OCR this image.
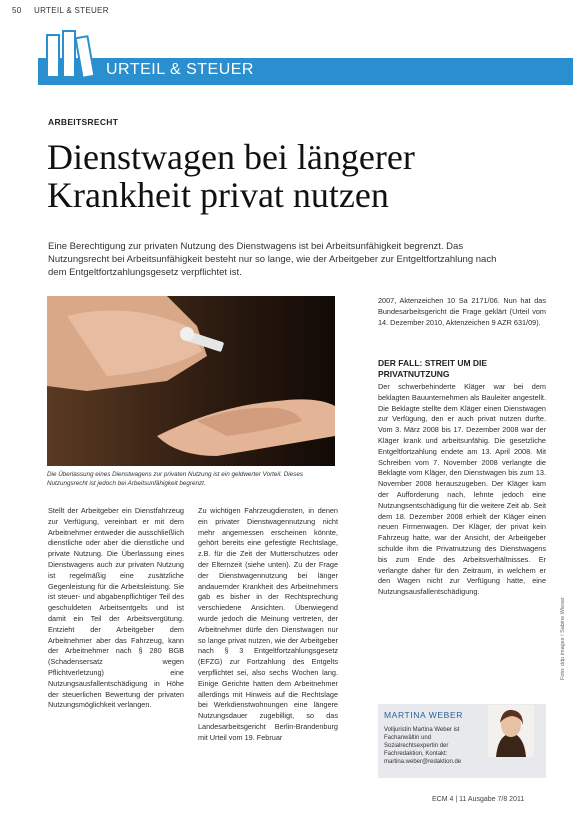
50 URTEIL & STEUER
URTEIL & STEUER
ARBEITSRECHT
Dienstwagen bei längerer
Krankheit privat nutzen
Eine Berechtigung zur privaten Nutzung des Dienstwagens ist bei Arbeitsunfähigkeit begrenzt. Das Nutzungsrecht bei Arbeitsunfähigkeit besteht nur so lange, wie der Arbeitgeber zur Entgeltfortzahlung nach dem Entgeltfortzahlungsgesetz verpflichtet ist.
Die Überlassung eines Dienstwagens zur privaten Nutzung ist ein geldwerter Vorteil. Dieses Nutzungsrecht ist jedoch bei Arbeitsunfähigkeit begrenzt.
Stellt der Arbeitgeber ein Dienstfahrzeug zur Verfügung, vereinbart er mit dem Arbeitnehmer entweder die ausschließlich dienstliche oder aber die dienstliche und private Nutzung. Die Überlassung eines Dienstwagens auch zur privaten Nutzung ist regelmäßig eine zusätzliche Gegenleistung für die Arbeitsleistung. Sie ist steuer- und abgabenpflichtiger Teil des geschuldeten Arbeitsentgelts und ist damit ein Teil der Arbeitsvergütung. Entzieht der Arbeitgeber dem Arbeitnehmer aber das Fahrzeug, kann der Arbeitnehmer nach § 280 BGB (Schadensersatz wegen Pflichtverletzung) eine Nutzungsausfallentschädigung in Höhe der steuerlichen Bewertung der privaten Nutzungsmöglichkeit verlangen.
Zu wichtigen Fahrzeugdiensten, in denen ein privater Dienstwagennutzung nicht mehr angemessen erscheinen könnte, gehört bereits eine gefestigte Rechtslage, z.B. für die Zeit der Mutterschutzes oder der Elternzeit (siehe unten). Zu der Frage der Dienstwagennutzung bei länger andauernder Krankheit des Arbeitnehmers gab es bisher in der Rechtsprechung verschiedene Ansichten. Überwiegend wurde jedoch die Meinung vertreten, der Arbeitnehmer dürfe den Dienstwagen nur so lange privat nutzen, wie der Arbeitgeber nach § 3 Entgeltfortzahlungsgesetz (EFZG) zur Fortzahlung des Entgelts verpflichtet sei, also sechs Wochen lang. Einige Gerichte hatten dem Arbeitnehmer allerdings mit Hinweis auf die Rechtslage bei Werkdienstwohnungen eine längere Nutzungsdauer zugebilligt, so das Landesarbeitsgericht Berlin-Brandenburg mit Urteil vom 19. Februar
2007, Aktenzeichen 10 Sa 2171/06. Nun hat das Bundesarbeitsgericht die Frage geklärt (Urteil vom 14. Dezember 2010, Aktenzeichen 9 AZR 631/09).
DER FALL: STREIT UM DIE PRIVATNUTZUNG
Der schwerbehinderte Kläger war bei dem beklagten Bauunternehmen als Bauleiter angestellt. Die Beklagte stellte dem Kläger einen Dienstwagen zur Verfügung, den er auch privat nutzen durfte. Vom 3. März 2008 bis 17. Dezember 2008 war der Kläger krank und arbeitsunfähig. Die gesetzliche Entgeltfortzahlung endete am 13. April 2008. Mit Schreiben vom 7. November 2008 verlangte die Beklagte vom Kläger, den Dienstwagen bis zum 13. November 2008 herauszugeben. Der Kläger kam der Aufforderung nach, lehnte jedoch eine Nutzungsentschädigung für die weitere Zeit ab. Seit dem 18. Dezember 2008 erhielt der Kläger einen neuen Firmenwagen. Der Kläger, der privat kein Fahrzeug hatte, war der Ansicht, der Arbeitgeber schulde ihm die Privatnutzung des Dienstwagens bis zum Ende des Arbeitsverhältnisses. Er verlangte daher für den Zeitraum, in welchem er den Wagen nicht zur Verfügung hatte, eine Nutzungsausfallentschädigung.
MARTINA WEBER
Volljuristin Martina Weber ist Fachanwältin und Sozialrechtsexpertin der Fachredaktion, Kontakt: martina.weber@redaktion.de
ECM 4 | 11 Ausgabe 7/8 2011
Foto: ddp images / Sabine Wieser
